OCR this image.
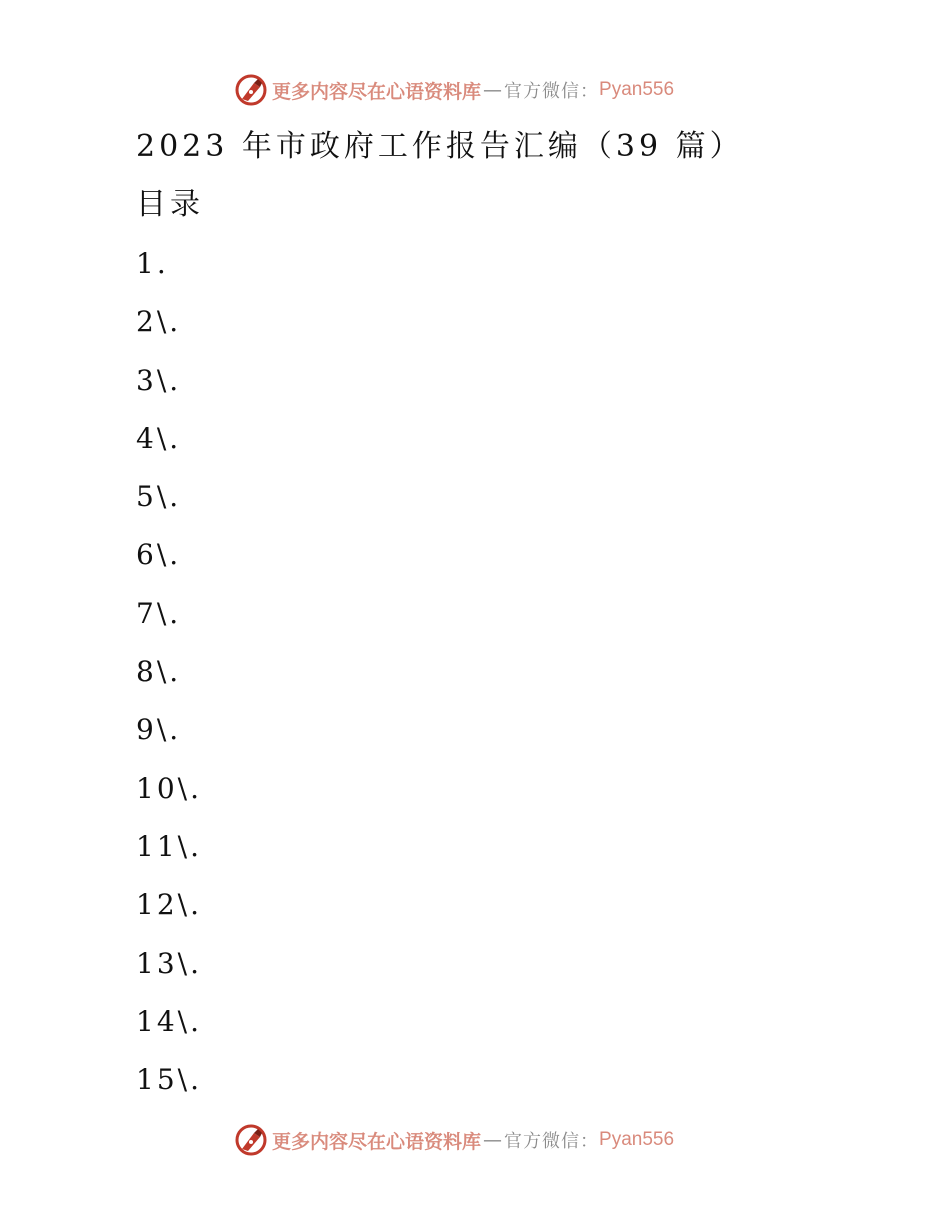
更多内容尽在心语资料库 — 官方微信： Pyan556
2023 年市政府工作报告汇编（39 篇）
目录
1.
2\.
3\.
4\.
5\.
6\.
7\.
8\.
9\.
10\.
11\.
12\.
13\.
14\.
15\.
更多内容尽在心语资料库 — 官方微信： Pyan556
